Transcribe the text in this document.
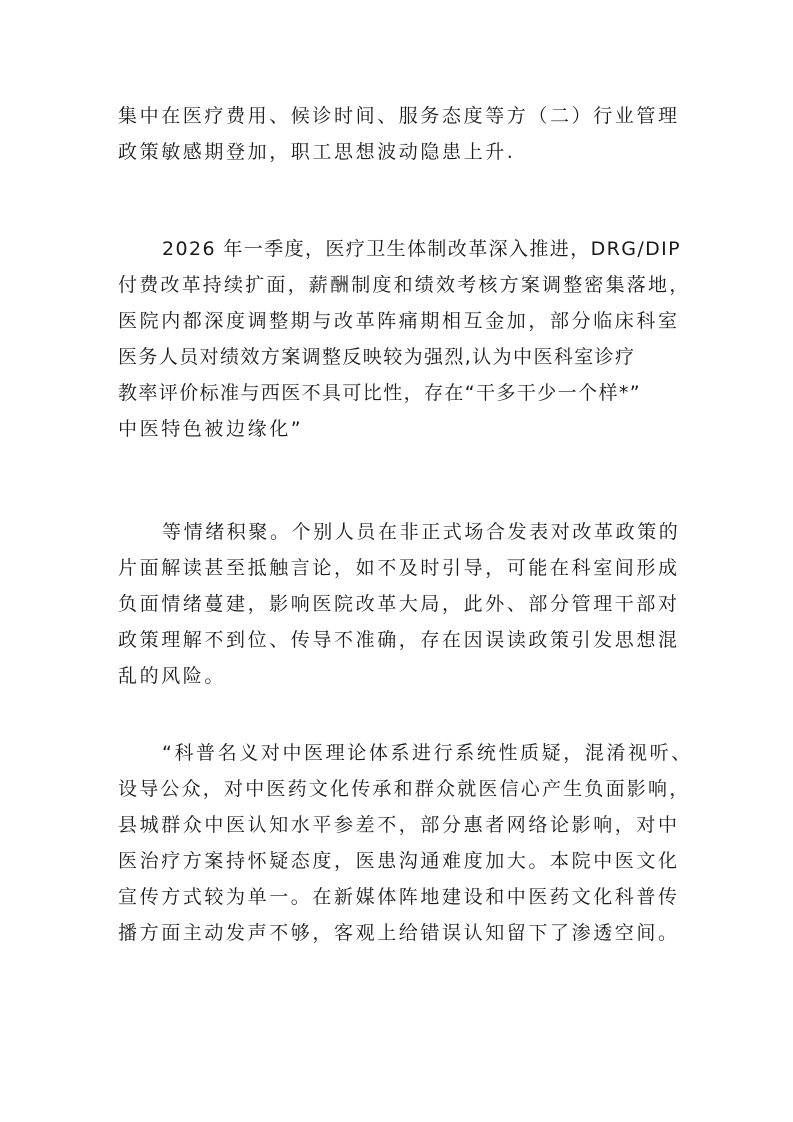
集中在医疗费用、候诊时间、服务态度等方（二）行业管理
政策敏感期登加，职工思想波动隐患上升.
2026 年一季度，医疗卫生体制改革深入推进，DRG/DIP
付费改革持续扩面，薪酬制度和绩效考核方案调整密集落地，
医院内都深度调整期与改革阵痛期相互金加，部分临床科室
医务人员对绩效方案调整反映较为强烈,认为中医科室诊疗
教率评价标准与西医不具可比性，存在“干多干少一个样*”
中医特色被边缘化”
等情绪积聚。个别人员在非正式场合发表对改革政策的
片面解读甚至抵触言论，如不及时引导，可能在科室间形成
负面情绪蔓建，影响医院改革大局，此外、部分管理干部对
政策理解不到位、传导不准确，存在因误读政策引发思想混
乱的风险。
“科普名义对中医理论体系进行系统性质疑，混淆视听、
设导公众，对中医药文化传承和群众就医信心产生负面影响，
县城群众中医认知水平参差不，部分惠者网络论影响，对中
医治疗方案持怀疑态度，医患沟通难度加大。本院中医文化
宣传方式较为单一。在新媒体阵地建设和中医药文化科普传
播方面主动发声不够，客观上给错误认知留下了渗透空间。
